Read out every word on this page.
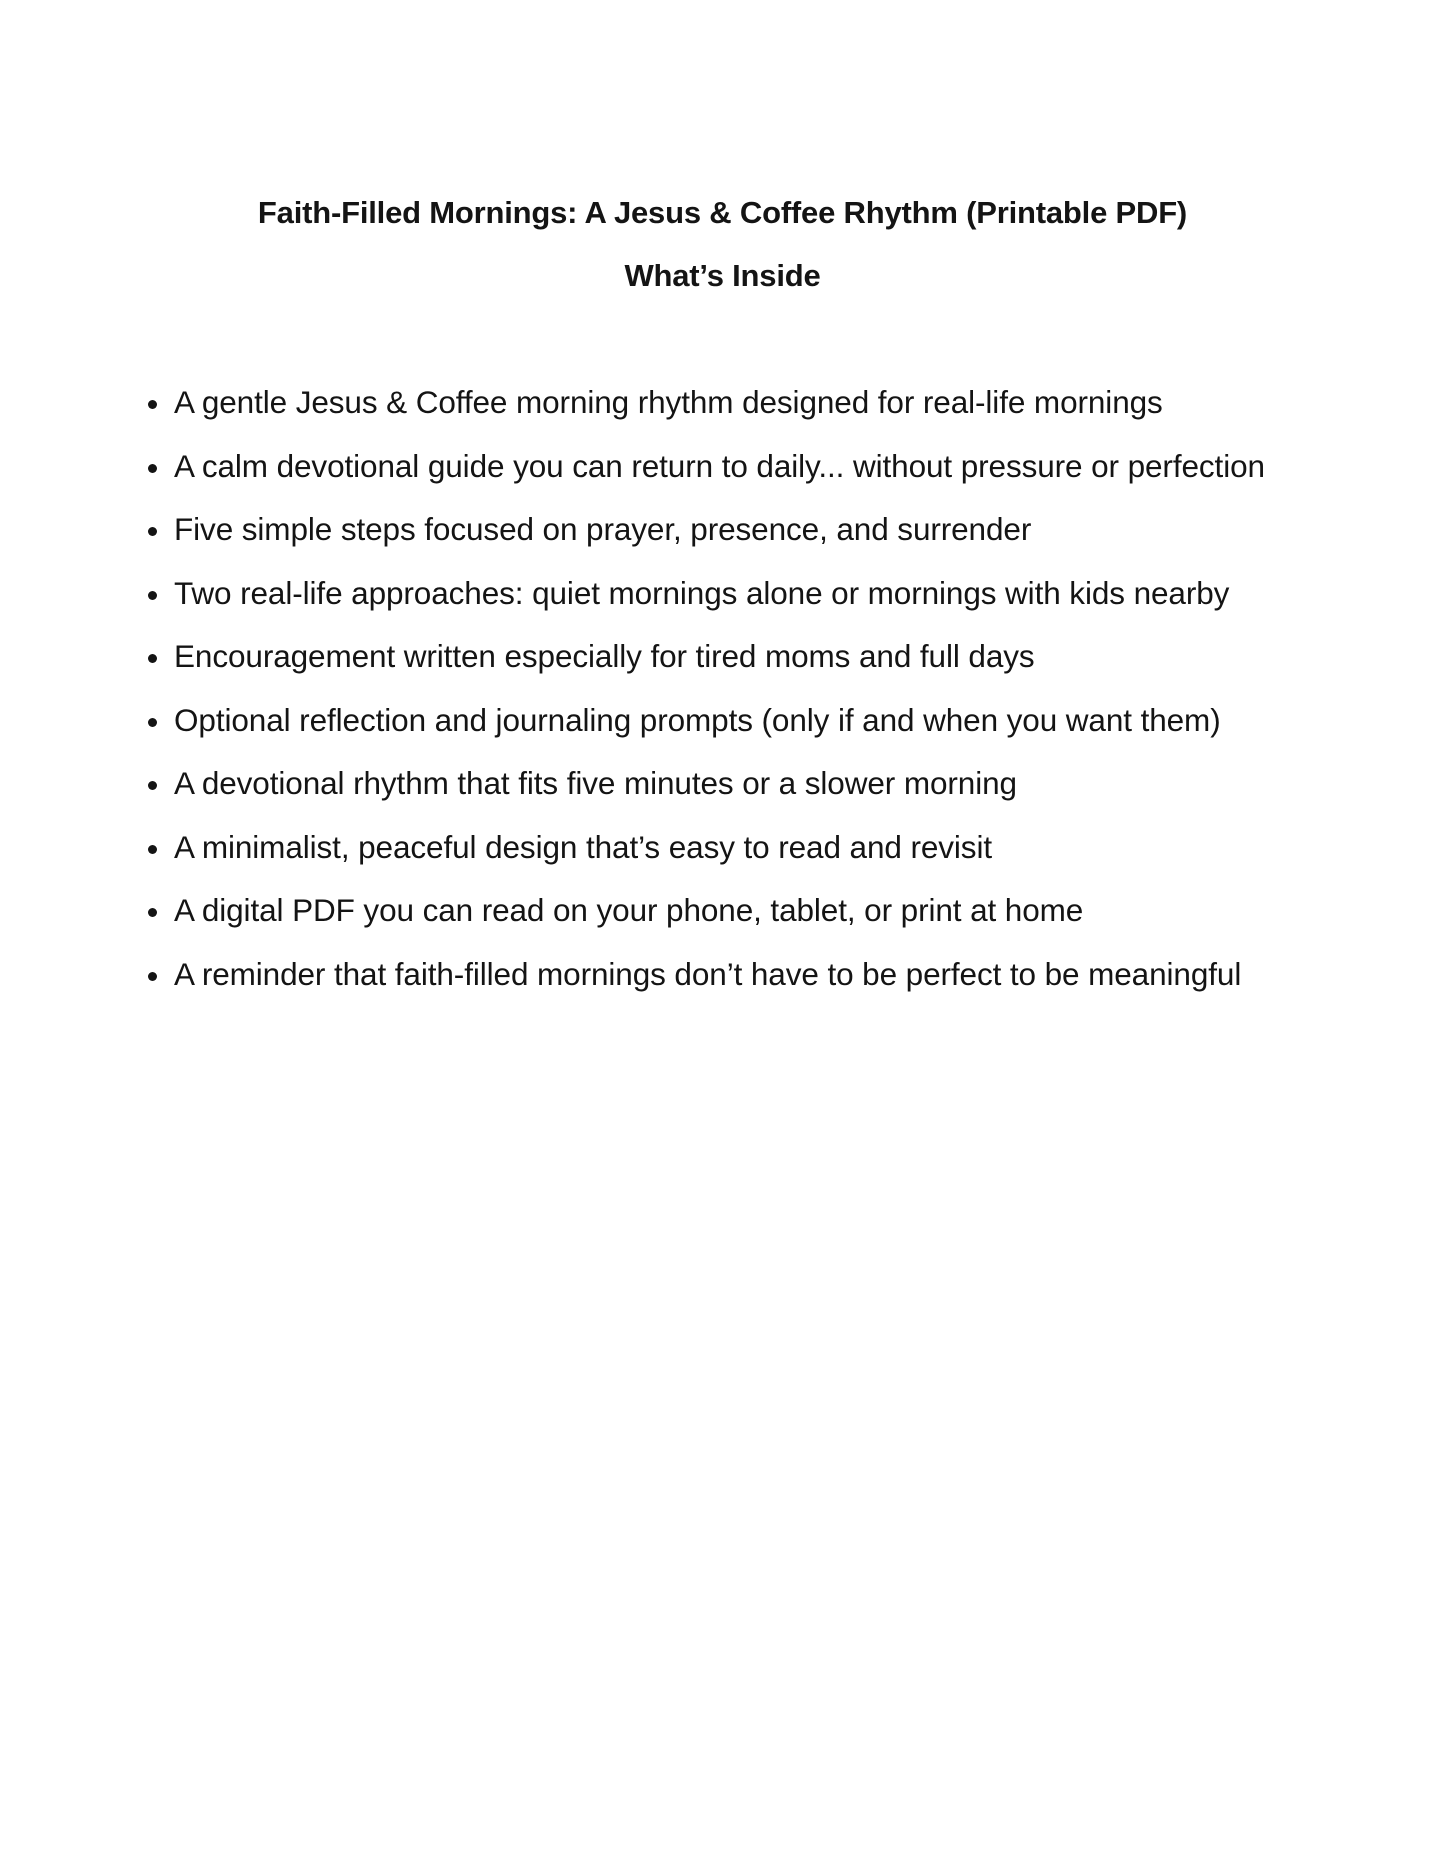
Faith-Filled Mornings: A Jesus & Coffee Rhythm (Printable PDF)
What’s Inside
A gentle Jesus & Coffee morning rhythm designed for real-life mornings
A calm devotional guide you can return to daily... without pressure or perfection
Five simple steps focused on prayer, presence, and surrender
Two real-life approaches: quiet mornings alone or mornings with kids nearby
Encouragement written especially for tired moms and full days
Optional reflection and journaling prompts (only if and when you want them)
A devotional rhythm that fits five minutes or a slower morning
A minimalist, peaceful design that’s easy to read and revisit
A digital PDF you can read on your phone, tablet, or print at home
A reminder that faith-filled mornings don’t have to be perfect to be meaningful
